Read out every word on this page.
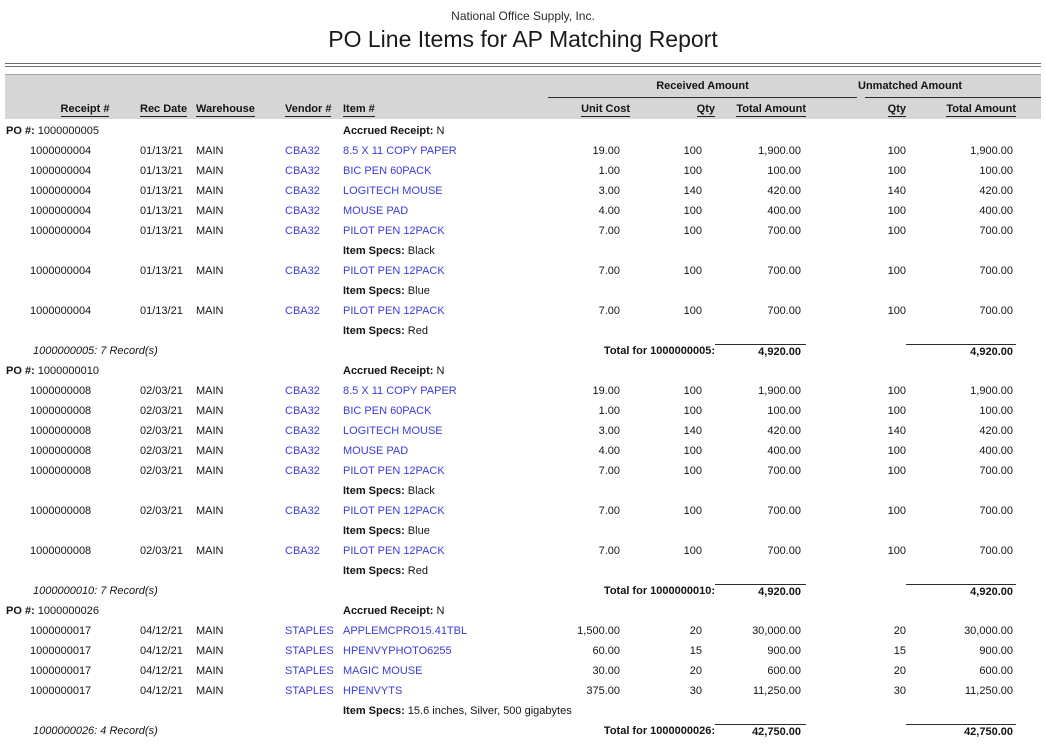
National Office Supply, Inc.
PO Line Items for AP Matching Report
Received Amount	Unmatched Amount
Receipt #	Rec Date Warehouse	Vendor #	Item #	Unit Cost	Qty	Total Amount	Qty	Total Amount
PO #: 1000000005	Accrued Receipt: N
1000000004	01/13/21	MAIN	CBA32	8.5 X 11 COPY PAPER	19.00	100	1,900.00	100	1,900.00
1000000004	01/13/21	MAIN	CBA32	BIC PEN 60PACK	1.00	100	100.00	100	100.00
1000000004	01/13/21	MAIN	CBA32	LOGITECH MOUSE	3.00	140	420.00	140	420.00
1000000004	01/13/21	MAIN	CBA32	MOUSE PAD	4.00	100	400.00	100	400.00
1000000004	01/13/21	MAIN	CBA32	PILOT PEN 12PACK	7.00	100	700.00	100	700.00
Item Specs: Black
1000000004	01/13/21	MAIN	CBA32	PILOT PEN 12PACK	7.00	100	700.00	100	700.00
Item Specs: Blue
1000000004	01/13/21	MAIN	CBA32	PILOT PEN 12PACK	7.00	100	700.00	100	700.00
Item Specs: Red
1000000005: 7 Record(s)	Total for 1000000005:	4,920.00	4,920.00
PO #: 1000000010	Accrued Receipt: N
1000000008	02/03/21	MAIN	CBA32	8.5 X 11 COPY PAPER	19.00	100	1,900.00	100	1,900.00
1000000008	02/03/21	MAIN	CBA32	BIC PEN 60PACK	1.00	100	100.00	100	100.00
1000000008	02/03/21	MAIN	CBA32	LOGITECH MOUSE	3.00	140	420.00	140	420.00
1000000008	02/03/21	MAIN	CBA32	MOUSE PAD	4.00	100	400.00	100	400.00
1000000008	02/03/21	MAIN	CBA32	PILOT PEN 12PACK	7.00	100	700.00	100	700.00
Item Specs: Black
1000000008	02/03/21	MAIN	CBA32	PILOT PEN 12PACK	7.00	100	700.00	100	700.00
Item Specs: Blue
1000000008	02/03/21	MAIN	CBA32	PILOT PEN 12PACK	7.00	100	700.00	100	700.00
Item Specs: Red
1000000010: 7 Record(s)	Total for 1000000010:	4,920.00	4,920.00
PO #: 1000000026	Accrued Receipt: N
1000000017	04/12/21	MAIN	STAPLES APPLEMCPRO15.41TBL	1,500.00	20	30,000.00	20	30,000.00
1000000017	04/12/21	MAIN	STAPLES HPENVYPHOTO6255	60.00	15	900.00	15	900.00
1000000017	04/12/21	MAIN	STAPLES MAGIC MOUSE	30.00	20	600.00	20	600.00
1000000017	04/12/21	MAIN	STAPLES HPENVYTS	375.00	30	11,250.00	30	11,250.00
Item Specs: 15.6 inches, Silver, 500 gigabytes
1000000026: 4 Record(s)	Total for 1000000026:	42,750.00	42,750.00
